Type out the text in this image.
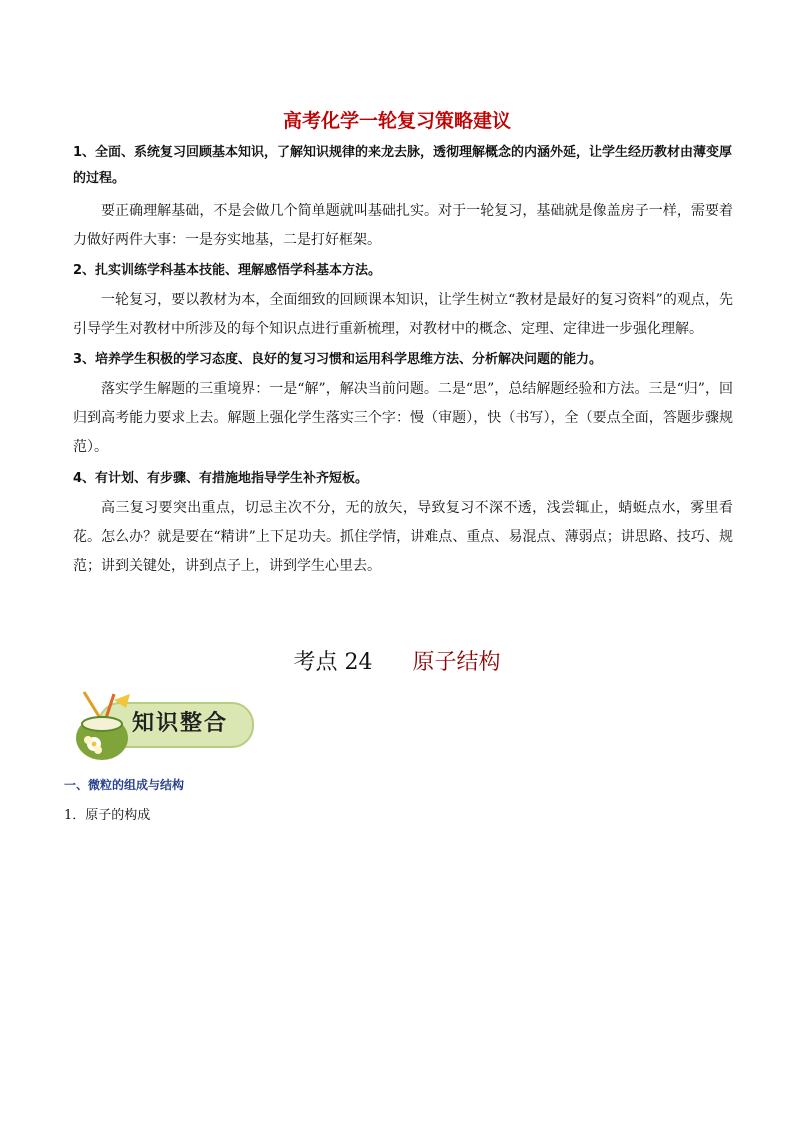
高考化学一轮复习策略建议
1、全面、系统复习回顾基本知识，了解知识规律的来龙去脉，透彻理解概念的内涵外延，让学生经历教材由薄变厚的过程。
要正确理解基础，不是会做几个简单题就叫基础扎实。对于一轮复习，基础就是像盖房子一样，需要着力做好两件大事：一是夯实地基，二是打好框架。
2、扎实训练学科基本技能、理解感悟学科基本方法。
一轮复习，要以教材为本，全面细致的回顾课本知识，让学生树立“教材是最好的复习资料”的观点，先引导学生对教材中所涉及的每个知识点进行重新梳理，对教材中的概念、定理、定律进一步强化理解。
3、培养学生积极的学习态度、良好的复习习惯和运用科学思维方法、分析解决问题的能力。
落实学生解题的三重境界：一是“解”，解决当前问题。二是“思”，总结解题经验和方法。三是“归”，回归到高考能力要求上去。解题上强化学生落实三个字：慢（审题），快（书写），全（要点全面，答题步骤规范）。
4、有计划、有步骤、有措施地指导学生补齐短板。
高三复习要突出重点，切忌主次不分，无的放矢，导致复习不深不透，浅尝辄止，蜻蜓点水，雾里看花。怎么办？就是要在“精讲”上下足功夫。抓住学情，讲难点、重点、易混点、薄弱点；讲思路、技巧、规范；讲到关键处，讲到点子上，讲到学生心里去。
考点 24 原子结构
知识整合
一、微粒的组成与结构
1．原子的构成
